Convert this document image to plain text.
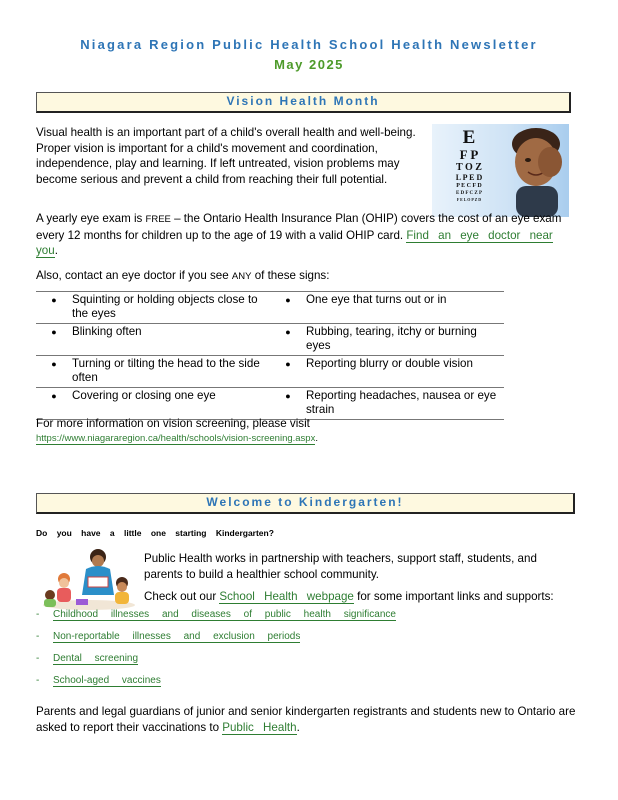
Niagara Region Public Health School Health Newsletter
May 2025
Vision Health Month
E
F P
T O Z
L P E D
P E C F D
E D F C Z P
F E L O P Z D

Visual health is an important part of a child's overall health and well-being. Proper vision is important for a child's movement and coordination, independence, play and learning. If left untreated, vision problems may become serious and prevent a child from reaching their full potential.

A yearly eye exam is FREE – the Ontario Health Insurance Plan (OHIP) covers the cost of an eye exam every 12 months for children up to the age of 19 with a valid OHIP card. Find an eye doctor near you.

Also, contact an eye doctor if you see ANY of these signs:

●	Squinting or holding objects close to the eyes	●	One eye that turns out or in
●	Blinking often	●	Rubbing, tearing, itchy or burning eyes
●	Turning or tilting the head to the side often	●	Reporting blurry or double vision
●	Covering or closing one eye	●	Reporting headaches, nausea or eye strain

For more information on vision screening, please visit

https://www.niagararegion.ca/health/schools/vision-screening.aspx.

Welcome to Kindergarten!

Do you have a little one starting Kindergarten?

Public Health works in partnership with teachers, support staff, students, and parents to build a healthier school community.

Check out our School Health webpage for some important links and supports:

- Childhood illnesses and diseases of public health significance
- Non-reportable illnesses and exclusion periods
- Dental screening
- School-aged vaccines

Parents and legal guardians of junior and senior kindergarten registrants and students new to Ontario are asked to report their vaccinations to Public Health.
